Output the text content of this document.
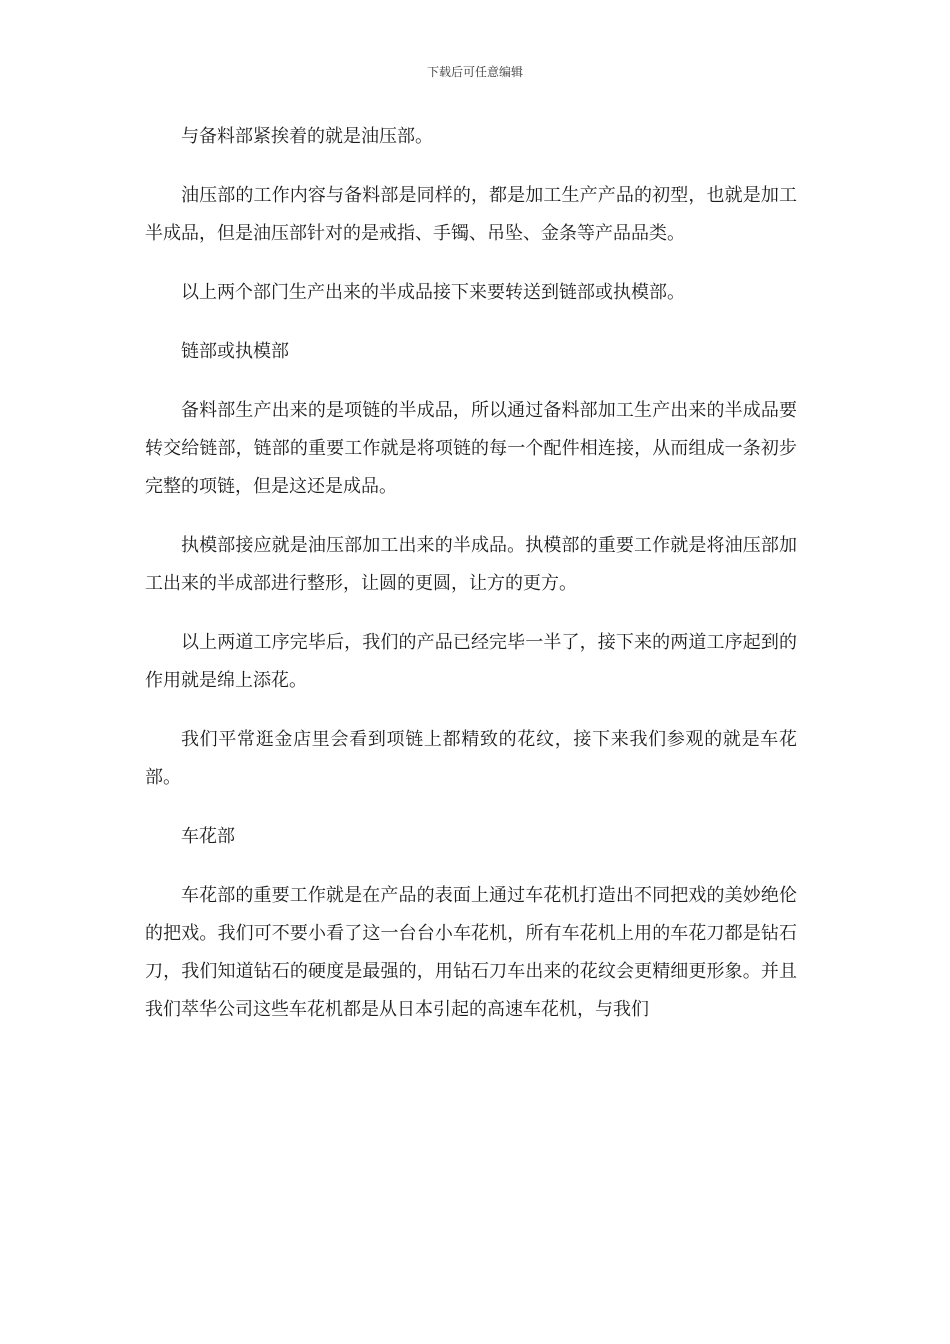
下载后可任意编辑

与备料部紧挨着的就是油压部。

油压部的工作内容与备料部是同样的，都是加工生产产品的初型，也就是加工半成品，但是油压部针对的是戒指、手镯、吊坠、金条等产品品类。

以上两个部门生产出来的半成品接下来要转送到链部或执模部。

链部或执模部

备料部生产出来的是项链的半成品，所以通过备料部加工生产出来的半成品要转交给链部，链部的重要工作就是将项链的每一个配件相连接，从而组成一条初步完整的项链，但是这还是成品。

执模部接应就是油压部加工出来的半成品。执模部的重要工作就是将油压部加工出来的半成部进行整形，让圆的更圆，让方的更方。

以上两道工序完毕后，我们的产品已经完毕一半了，接下来的两道工序起到的作用就是绵上添花。

我们平常逛金店里会看到项链上都精致的花纹，接下来我们参观的就是车花部。

车花部

车花部的重要工作就是在产品的表面上通过车花机打造出不同把戏的美妙绝伦的把戏。我们可不要小看了这一台台小车花机，所有车花机上用的车花刀都是钻石刀，我们知道钻石的硬度是最强的，用钻石刀车出来的花纹会更精细更形象。并且我们萃华公司这些车花机都是从日本引起的高速车花机，与我们
